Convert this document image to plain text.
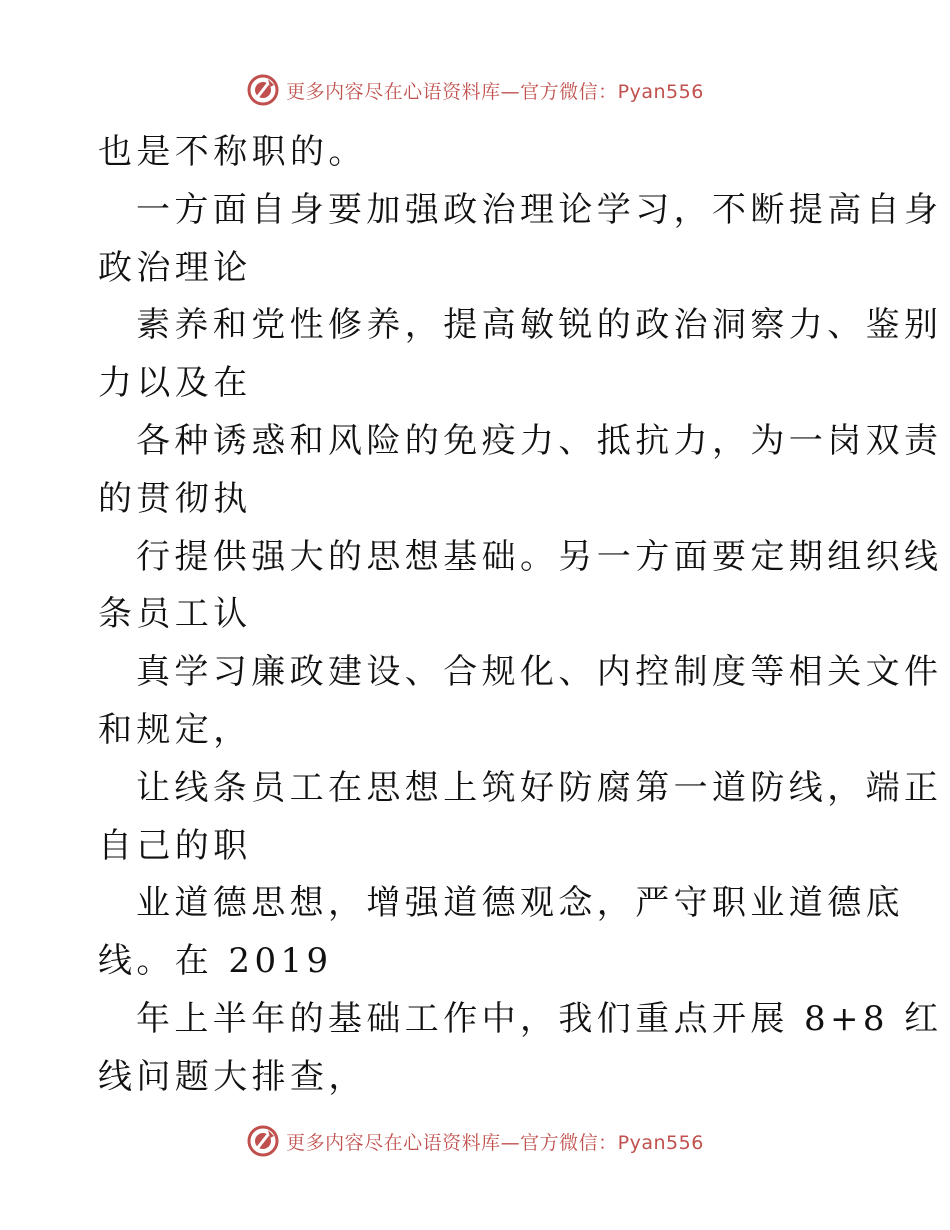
更多内容尽在心语资料库—官方微信：Pyan556
也是不称职的。
一方面自身要加强政治理论学习，不断提高自身
政治理论
素养和党性修养，提高敏锐的政治洞察力、鉴别
力以及在
各种诱惑和风险的免疫力、抵抗力，为一岗双责
的贯彻执
行提供强大的思想基础。另一方面要定期组织线
条员工认
真学习廉政建设、合规化、内控制度等相关文件
和规定，
让线条员工在思想上筑好防腐第一道防线，端正
自己的职
业道德思想，增强道德观念，严守职业道德底
线。在 2019
年上半年的基础工作中，我们重点开展 8+8 红
线问题大排查，
更多内容尽在心语资料库—官方微信：Pyan556
